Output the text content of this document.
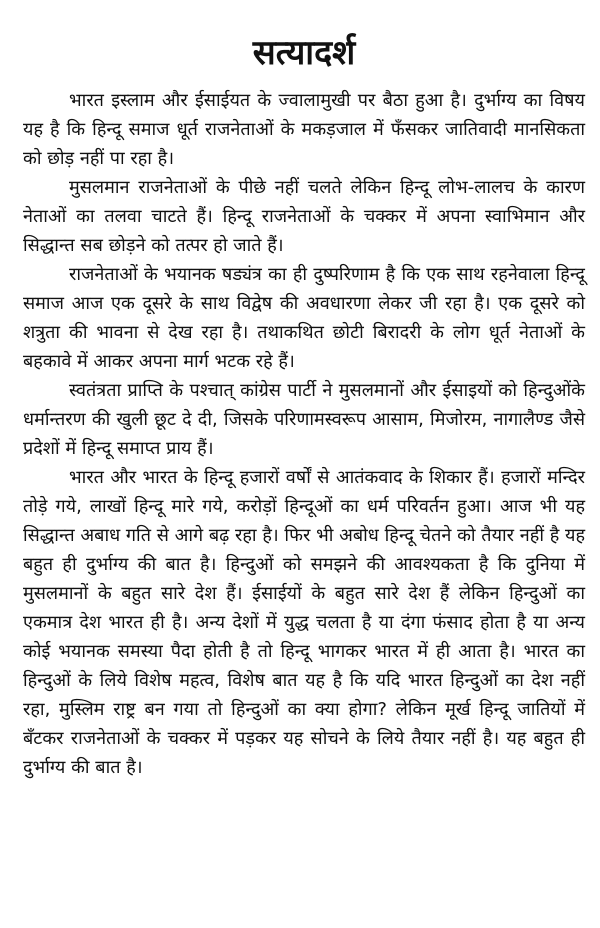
सत्यादर्श

भारत इस्लाम और ईसाईयत के ज्वालामुखी पर बैठा हुआ है। दुर्भाग्य का विषय यह है कि हिन्दू समाज धूर्त राजनेताओं के मकड़जाल में फँसकर जातिवादी मानसिकता को छोड़ नहीं पा रहा है।

मुसलमान राजनेताओं के पीछे नहीं चलते लेकिन हिन्दू लोभ-लालच के कारण नेताओं का तलवा चाटते हैं। हिन्दू राजनेताओं के चक्कर में अपना स्वाभिमान और सिद्धान्त सब छोड़ने को तत्पर हो जाते हैं।

राजनेताओं के भयानक षड्यंत्र का ही दुष्परिणाम है कि एक साथ रहनेवाला हिन्दू समाज आज एक दूसरे के साथ विद्वेष की अवधारणा लेकर जी रहा है। एक दूसरे को शत्रुता की भावना से देख रहा है। तथाकथित छोटी बिरादरी के लोग धूर्त नेताओं के बहकावे में आकर अपना मार्ग भटक रहे हैं।

स्वतंत्रता प्राप्ति के पश्चात् कांग्रेस पार्टी ने मुसलमानों और ईसाइयों को हिन्दुओंके धर्मान्तरण की खुली छूट दे दी, जिसके परिणामस्वरूप आसाम, मिजोरम, नागालैण्ड जैसे प्रदेशों में हिन्दू समाप्त प्राय हैं।

भारत और भारत के हिन्दू हजारों वर्षों से आतंकवाद के शिकार हैं। हजारों मन्दिर तोड़े गये, लाखों हिन्दू मारे गये, करोड़ों हिन्दूओं का धर्म परिवर्तन हुआ। आज भी यह सिद्धान्त अबाध गति से आगे बढ़ रहा है। फिर भी अबोध हिन्दू चेतने को तैयार नहीं है यह बहुत ही दुर्भाग्य की बात है। हिन्दुओं को समझने की आवश्यकता है कि दुनिया में मुसलमानों के बहुत सारे देश हैं। ईसाईयों के बहुत सारे देश हैं लेकिन हिन्दुओं का एकमात्र देश भारत ही है। अन्य देशों में युद्ध चलता है या दंगा फंसाद होता है या अन्य कोई भयानक समस्या पैदा होती है तो हिन्दू भागकर भारत में ही आता है। भारत का हिन्दुओं के लिये विशेष महत्व, विशेष बात यह है कि यदि भारत हिन्दुओं का देश नहीं रहा, मुस्लिम राष्ट्र बन गया तो हिन्दुओं का क्या होगा? लेकिन मूर्ख हिन्दू जातियों में बँटकर राजनेताओं के चक्कर में पड़कर यह सोचने के लिये तैयार नहीं है। यह बहुत ही दुर्भाग्य की बात है।
